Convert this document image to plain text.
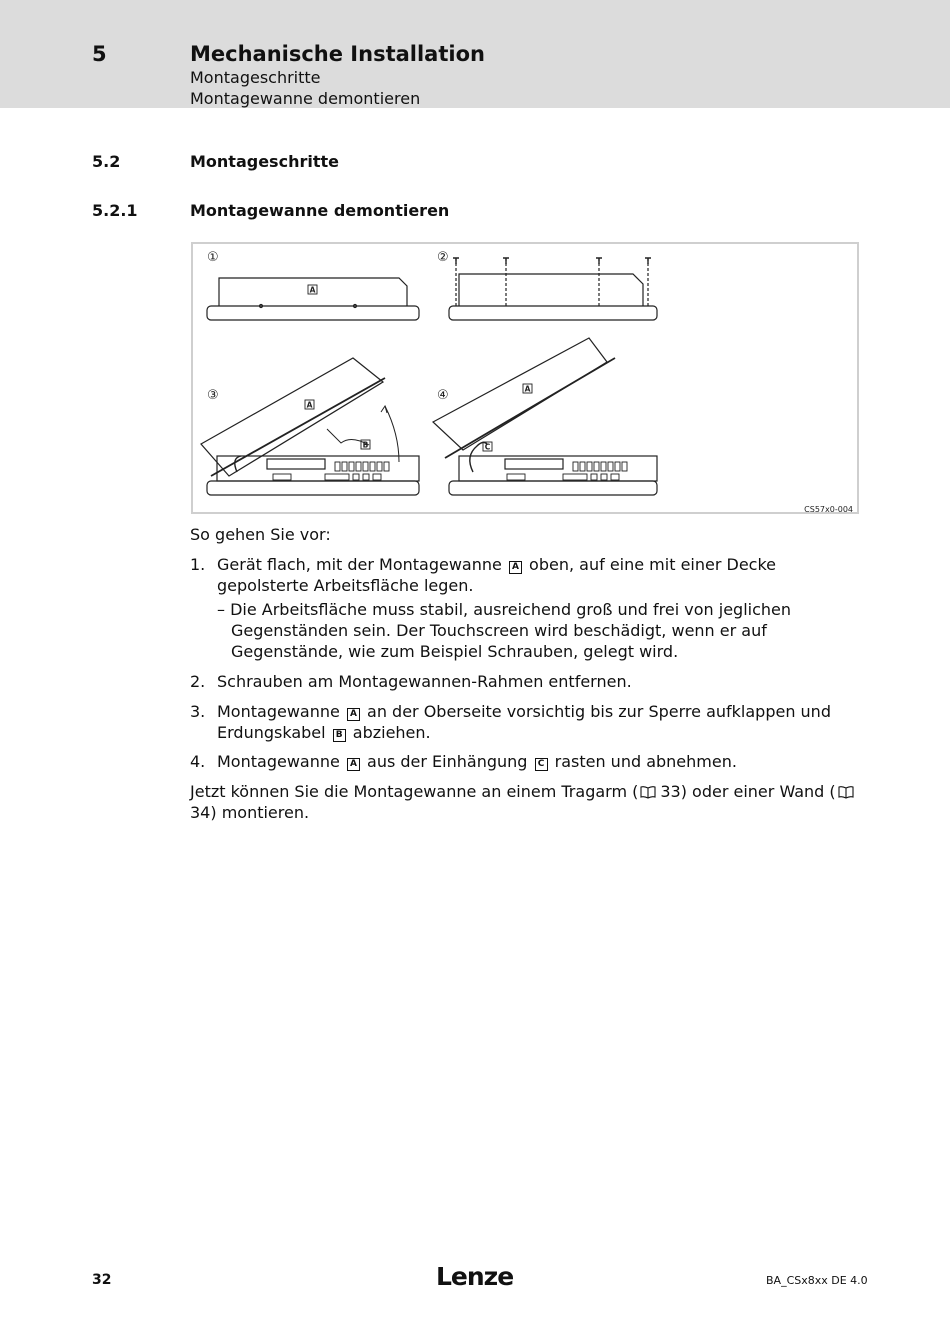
5	Mechanische Installation
Montageschritte
Montagewanne demontieren
5.2	Montageschritte
5.2.1	Montagewanne demontieren
①
A
②
③
A
B
④	A
C
CS57x0-004
So gehen Sie vor:
1. Gerät flach, mit der Montagewanne A oben, auf eine mit einer Decke gepolsterte Arbeitsfläche legen.
– Die Arbeitsfläche muss stabil, ausreichend groß und frei von jeglichen Gegenständen sein. Der Touchscreen wird beschädigt, wenn er auf Gegenstände, wie zum Beispiel Schrauben, gelegt wird.
2. Schrauben am Montagewannen-Rahmen entfernen.
3. Montagewanne A an der Oberseite vorsichtig bis zur Sperre aufklappen und Erdungskabel B abziehen.
4. Montagewanne A aus der Einhängung C rasten und abnehmen.
Jetzt können Sie die Montagewanne an einem Tragarm ( 33) oder einer Wand (34) montieren.
32	Lenze	BA_CSx8xx DE 4.0
